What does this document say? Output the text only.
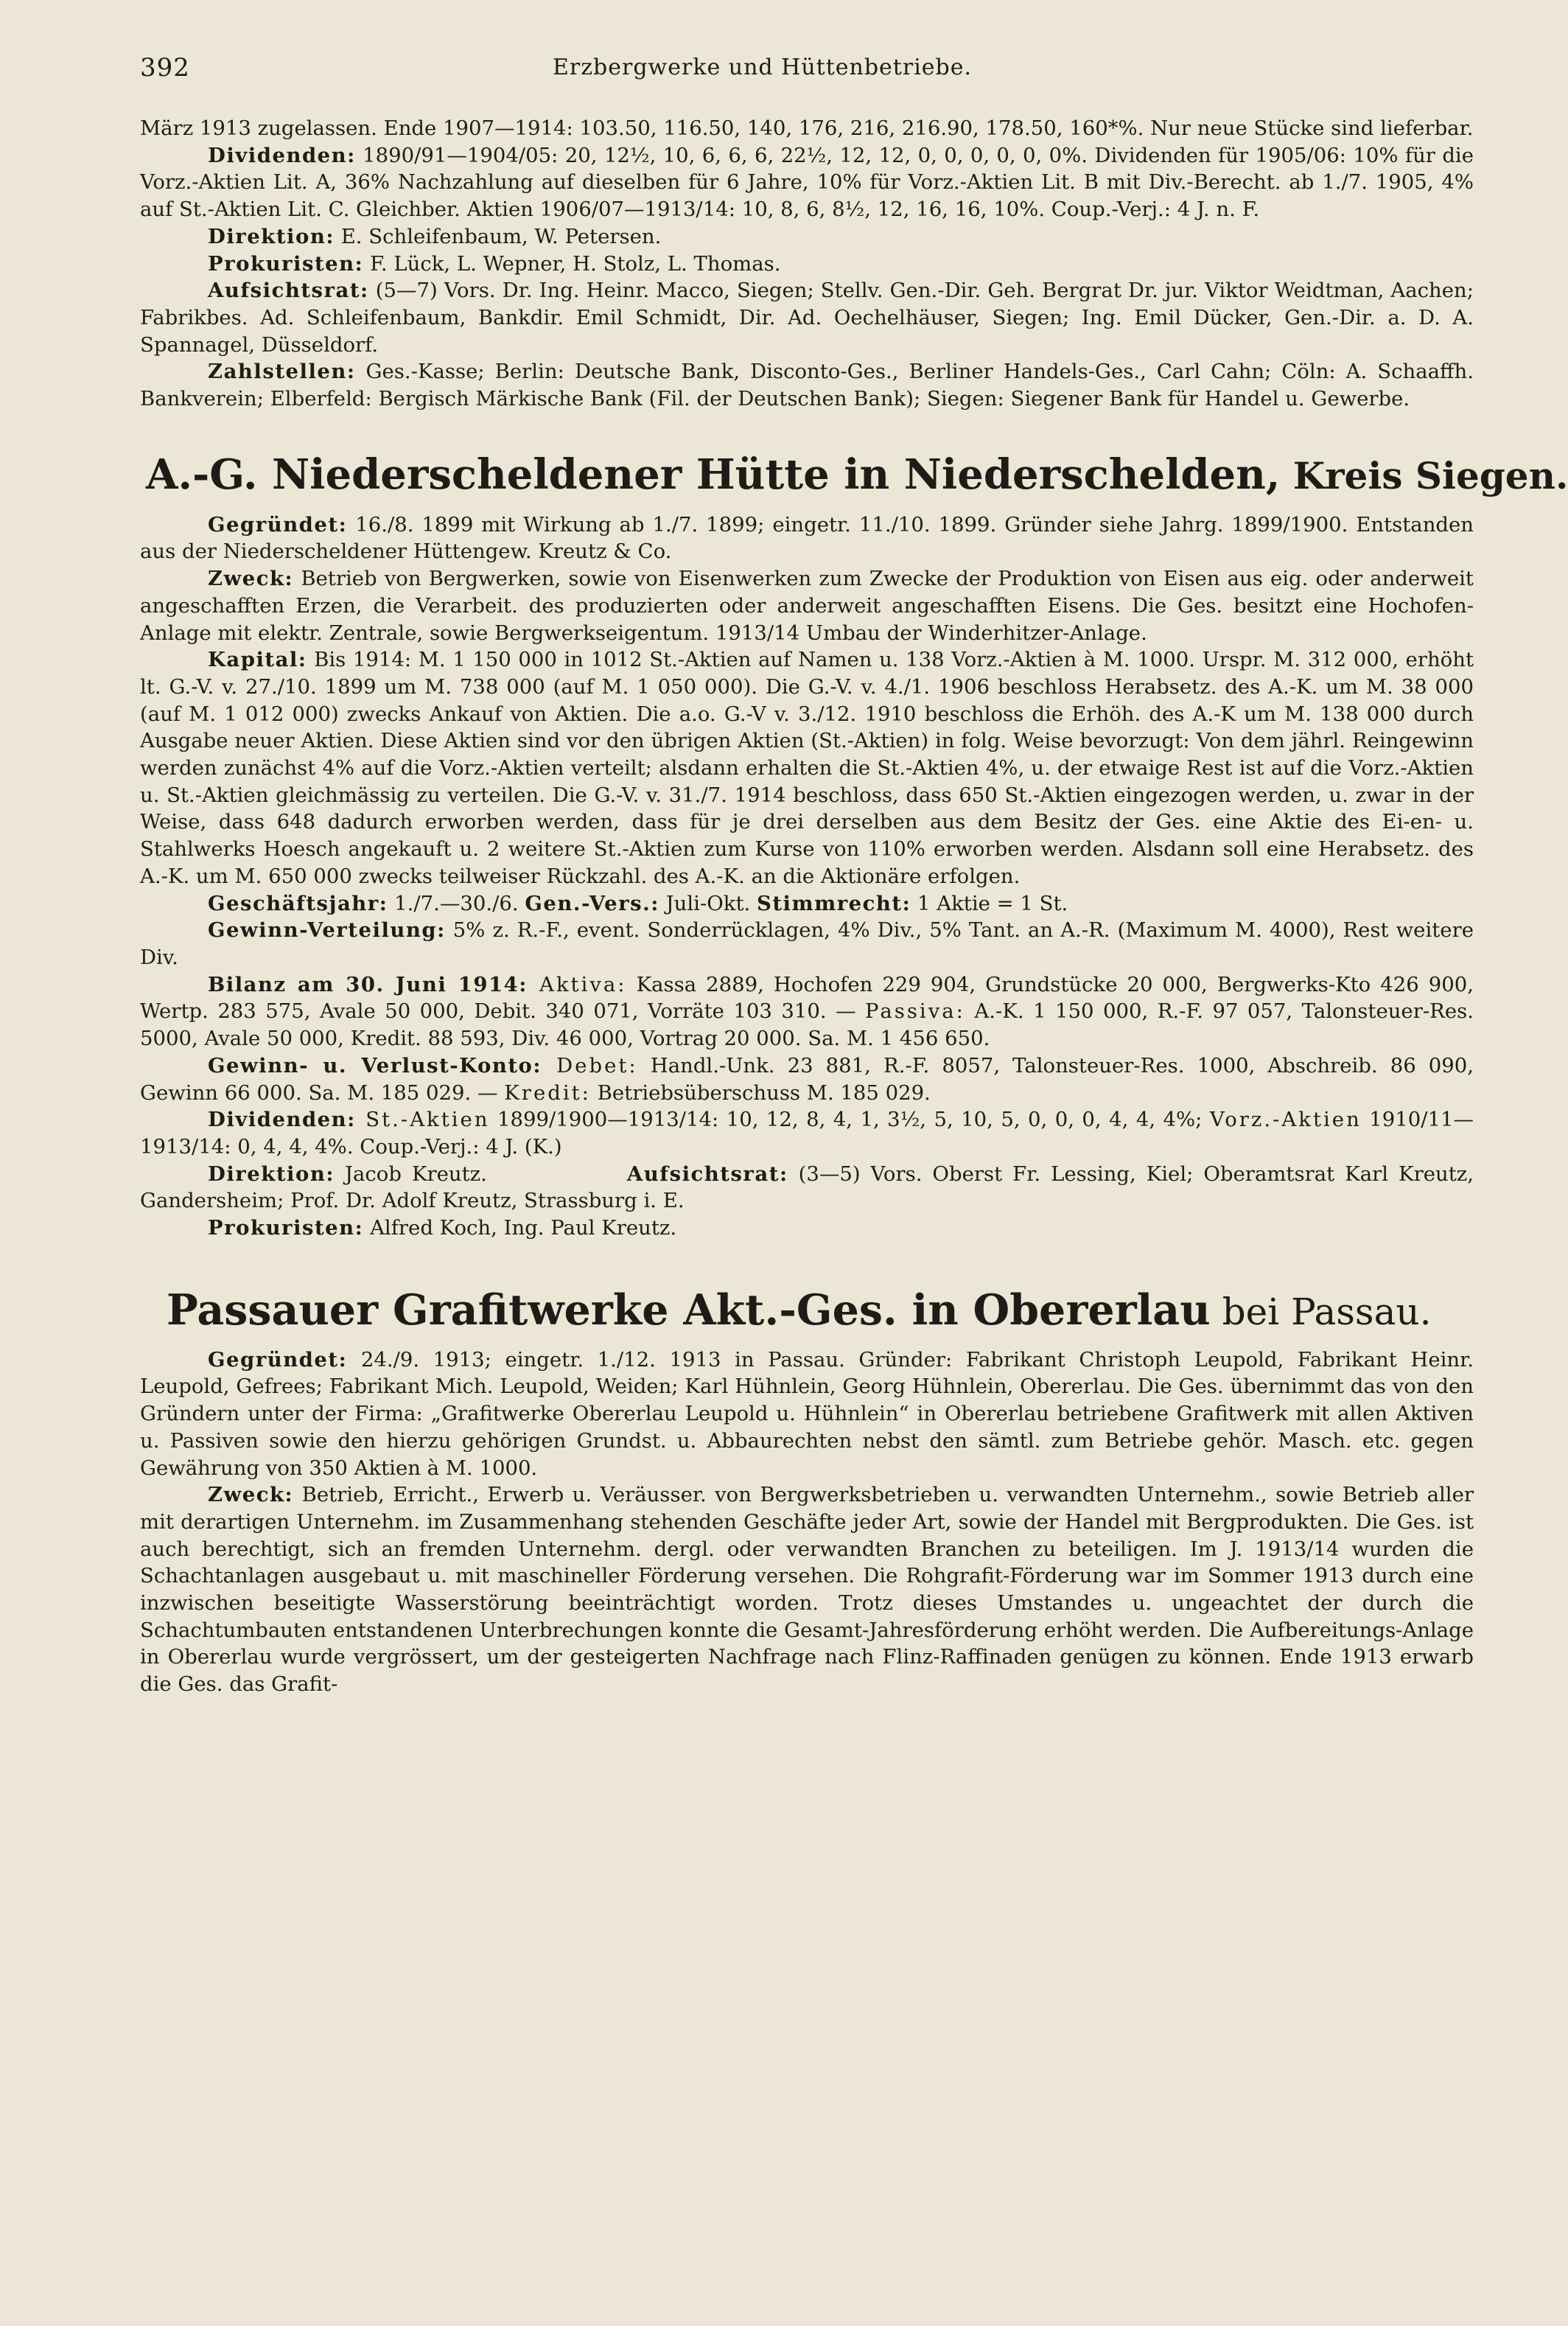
392	Erzbergwerke und Hüttenbetriebe.

März 1913 zugelassen. Ende 1907—1914: 103.50, 116.50, 140, 176, 216, 216.90, 178.50, 160*%. Nur neue Stücke sind lieferbar.

Dividenden: 1890/91—1904/05: 20, 12½, 10, 6, 6, 6, 22½, 12, 12, 0, 0, 0, 0, 0, 0%. Dividenden für 1905/06: 10% für die Vorz.-Aktien Lit. A, 36% Nachzahlung auf dieselben für 6 Jahre, 10% für Vorz.-Aktien Lit. B mit Div.-Berecht. ab 1./7. 1905, 4% auf St.-Aktien Lit. C. Gleichber. Aktien 1906/07—1913/14: 10, 8, 6, 8½, 12, 16, 16, 10%. Coup.-Verj.: 4 J. n. F.

Direktion: E. Schleifenbaum, W. Petersen.

Prokuristen: F. Lück, L. Wepner, H. Stolz, L. Thomas.

Aufsichtsrat: (5—7) Vors. Dr. Ing. Heinr. Macco, Siegen; Stellv. Gen.-Dir. Geh. Bergrat Dr. jur. Viktor Weidtman, Aachen; Fabrikbes. Ad. Schleifenbaum, Bankdir. Emil Schmidt, Dir. Ad. Oechelhäuser, Siegen; Ing. Emil Dücker, Gen.-Dir. a. D. A. Spannagel, Düsseldorf.

Zahlstellen: Ges.-Kasse; Berlin: Deutsche Bank, Disconto-Ges., Berliner Handels-Ges., Carl Cahn; Cöln: A. Schaaffh. Bankverein; Elberfeld: Bergisch Märkische Bank (Fil. der Deutschen Bank); Siegen: Siegener Bank für Handel u. Gewerbe.

A.-G. Niederscheldener Hütte in Niederschelden, Kreis Siegen.

Gegründet: 16./8. 1899 mit Wirkung ab 1./7. 1899; eingetr. 11./10. 1899. Gründer siehe Jahrg. 1899/1900. Entstanden aus der Niederscheldener Hüttengew. Kreutz & Co.

Zweck: Betrieb von Bergwerken, sowie von Eisenwerken zum Zwecke der Produktion von Eisen aus eig. oder anderweit angeschafften Erzen, die Verarbeit. des produzierten oder anderweit angeschafften Eisens. Die Ges. besitzt eine Hochofen-Anlage mit elektr. Zentrale, sowie Bergwerkseigentum. 1913/14 Umbau der Winderhitzer-Anlage.

Kapital: Bis 1914: M. 1 150 000 in 1012 St.-Aktien auf Namen u. 138 Vorz.-Aktien à M. 1000. Urspr. M. 312 000, erhöht lt. G.-V. v. 27./10. 1899 um M. 738 000 (auf M. 1 050 000). Die G.-V. v. 4./1. 1906 beschloss Herabsetz. des A.-K. um M. 38 000 (auf M. 1 012 000) zwecks Ankauf von Aktien. Die a.o. G.-V v. 3./12. 1910 beschloss die Erhöh. des A.-K um M. 138 000 durch Ausgabe neuer Aktien. Diese Aktien sind vor den übrigen Aktien (St.-Aktien) in folg. Weise bevorzugt: Von dem jährl. Reingewinn werden zunächst 4% auf die Vorz.-Aktien verteilt; alsdann erhalten die St.-Aktien 4%, u. der etwaige Rest ist auf die Vorz.-Aktien u. St.-Aktien gleichmässig zu verteilen. Die G.-V. v. 31./7. 1914 beschloss, dass 650 St.-Aktien eingezogen werden, u. zwar in der Weise, dass 648 dadurch erworben werden, dass für je drei derselben aus dem Besitz der Ges. eine Aktie des Ei-en- u. Stahlwerks Hoesch angekauft u. 2 weitere St.-Aktien zum Kurse von 110% erworben werden. Alsdann soll eine Herabsetz. des A.-K. um M. 650 000 zwecks teilweiser Rückzahl. des A.-K. an die Aktionäre erfolgen.

Geschäftsjahr: 1./7.—30./6. Gen.-Vers.: Juli-Okt. Stimmrecht: 1 Aktie = 1 St.

Gewinn-Verteilung: 5% z. R.-F., event. Sonderrücklagen, 4% Div., 5% Tant. an A.-R. (Maximum M. 4000), Rest weitere Div.

Bilanz am 30. Juni 1914: Aktiva: Kassa 2889, Hochofen 229 904, Grundstücke 20 000, Bergwerks-Kto 426 900, Wertp. 283 575, Avale 50 000, Debit. 340 071, Vorräte 103 310. — Passiva: A.-K. 1 150 000, R.-F. 97 057, Talonsteuer-Res. 5000, Avale 50 000, Kredit. 88 593, Div. 46 000, Vortrag 20 000. Sa. M. 1 456 650.

Gewinn- u. Verlust-Konto: Debet: Handl.-Unk. 23 881, R.-F. 8057, Talonsteuer-Res. 1000, Abschreib. 86 090, Gewinn 66 000. Sa. M. 185 029. — Kredit: Betriebsüberschuss M. 185 029.

Dividenden: St.-Aktien 1899/1900—1913/14: 10, 12, 8, 4, 1, 3½, 5, 10, 5, 0, 0, 0, 4, 4, 4%; Vorz.-Aktien 1910/11—1913/14: 0, 4, 4, 4%. Coup.-Verj.: 4 J. (K.)

Direktion: Jacob Kreutz.	Aufsichtsrat: (3—5) Vors. Oberst Fr. Lessing, Kiel; Oberamtsrat Karl Kreutz, Gandersheim; Prof. Dr. Adolf Kreutz, Strassburg i. E.

Prokuristen: Alfred Koch, Ing. Paul Kreutz.

Passauer Grafitwerke Akt.-Ges. in Obererlau bei Passau.

Gegründet: 24./9. 1913; eingetr. 1./12. 1913 in Passau. Gründer: Fabrikant Christoph Leupold, Fabrikant Heinr. Leupold, Gefrees; Fabrikant Mich. Leupold, Weiden; Karl Hühnlein, Georg Hühnlein, Obererlau. Die Ges. übernimmt das von den Gründern unter der Firma: „Grafitwerke Obererlau Leupold u. Hühnlein“ in Obererlau betriebene Grafitwerk mit allen Aktiven u. Passiven sowie den hierzu gehörigen Grundst. u. Abbaurechten nebst den sämtl. zum Betriebe gehör. Masch. etc. gegen Gewährung von 350 Aktien à M. 1000.

Zweck: Betrieb, Erricht., Erwerb u. Veräusser. von Bergwerksbetrieben u. verwandten Unternehm., sowie Betrieb aller mit derartigen Unternehm. im Zusammenhang stehenden Geschäfte jeder Art, sowie der Handel mit Bergprodukten. Die Ges. ist auch berechtigt, sich an fremden Unternehm. dergl. oder verwandten Branchen zu beteiligen. Im J. 1913/14 wurden die Schachtanlagen ausgebaut u. mit maschineller Förderung versehen. Die Rohgrafit-Förderung war im Sommer 1913 durch eine inzwischen beseitigte Wasserstörung beeinträchtigt worden. Trotz dieses Umstandes u. ungeachtet der durch die Schachtumbauten entstandenen Unterbrechungen konnte die Gesamt-Jahresförderung erhöht werden. Die Aufbereitungs-Anlage in Obererlau wurde vergrössert, um der gesteigerten Nachfrage nach Flinz-Raffinaden genügen zu können. Ende 1913 erwarb die Ges. das Grafit-
